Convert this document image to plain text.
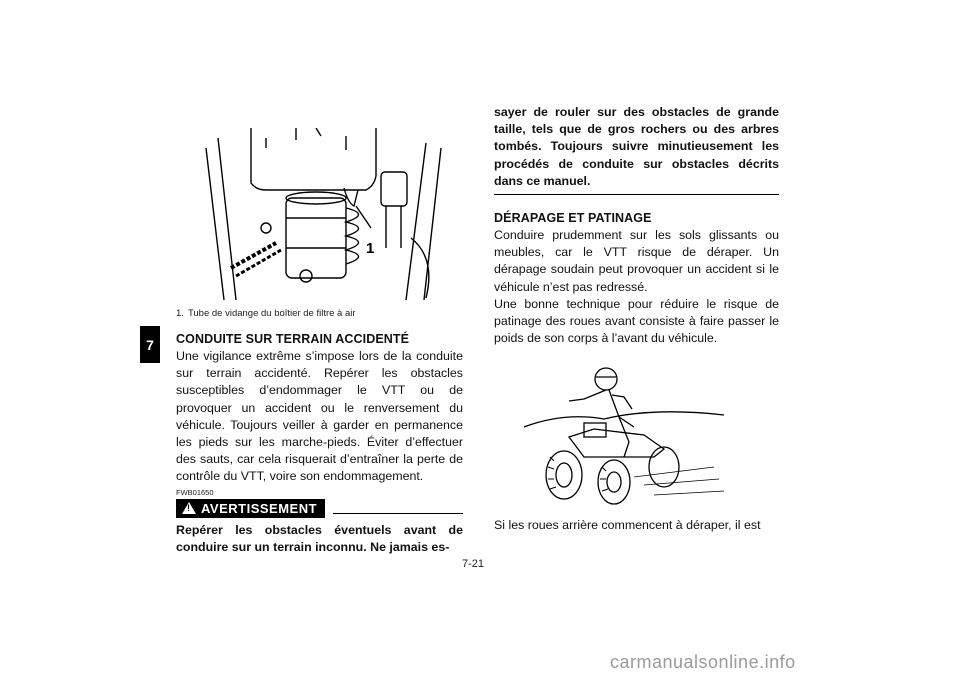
7
1
1. Tube de vidange du boîtier de filtre à air
CONDUITE SUR TERRAIN ACCIDENTÉ

Une vigilance extrême s’impose lors de la conduite sur terrain accidenté. Repérer les obstacles susceptibles d’endommager le VTT ou de provoquer un accident ou le renversement du véhicule. Toujours veiller à garder en permanence les pieds sur les marche-pieds. Éviter d’effectuer des sauts, car cela risquerait d’entraîner la perte de contrôle du VTT, voire son endommagement.

FWB01650
! AVERTISSEMENT

Repérer les obstacles éventuels avant de conduire sur un terrain inconnu. Ne jamais es-

sayer de rouler sur des obstacles de grande taille, tels que de gros rochers ou des arbres tombés. Toujours suivre minutieusement les procédés de conduite sur obstacles décrits dans ce manuel.

DÉRAPAGE ET PATINAGE

Conduire prudemment sur les sols glissants ou meubles, car le VTT risque de déraper. Un dérapage soudain peut provoquer un accident si le véhicule n’est pas redressé.

Une bonne technique pour réduire le risque de patinage des roues avant consiste à faire passer le poids de son corps à l’avant du véhicule.

Si les roues arrière commencent à déraper, il est

7-21
carmanualsonline.info
